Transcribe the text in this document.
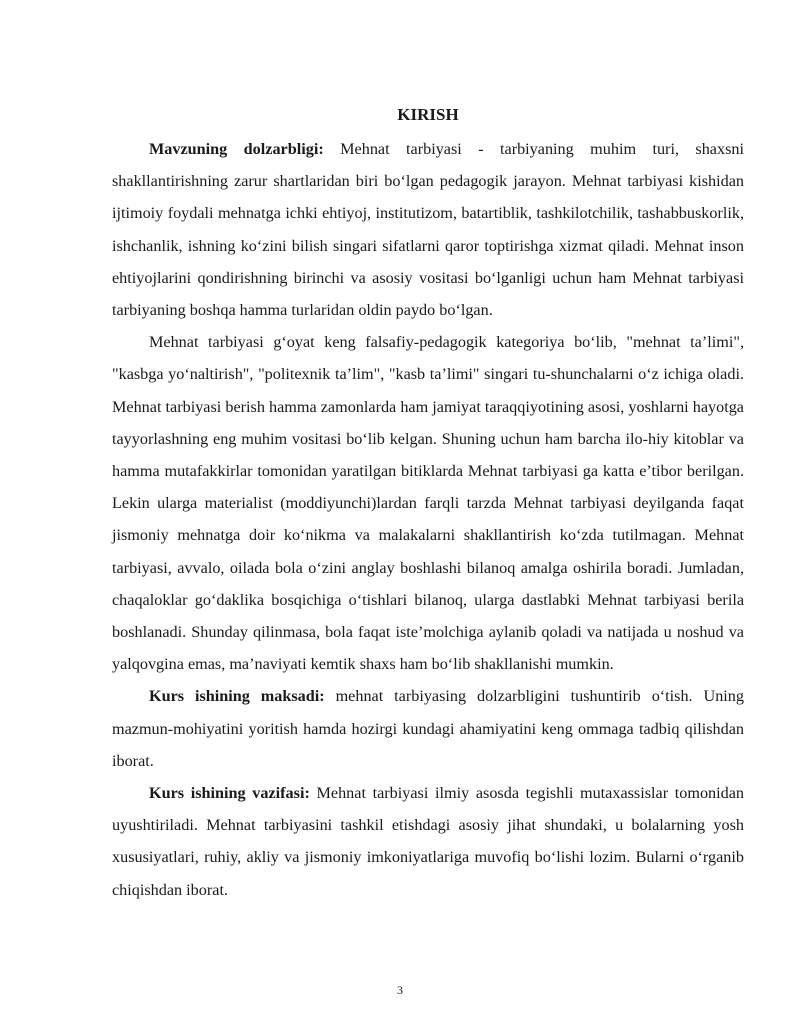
KIRISH

Mavzuning dolzarbligi: Mehnat tarbiyasi - tarbiyaning muhim turi, shaxsni shakllantirishning zarur shartlaridan biri bo‘lgan pedagogik jarayon. Mehnat tarbiyasi kishidan ijtimoiy foydali mehnatga ichki ehtiyoj, institutizom, batartiblik, tashkilotchilik, tashabbuskorlik, ishchanlik, ishning ko‘zini bilish singari sifatlarni qaror toptirishga xizmat qiladi. Mehnat inson ehtiyojlarini qondirishning birinchi va asosiy vositasi bo‘lganligi uchun ham Mehnat tarbiyasi tarbiyaning boshqa hamma turlaridan oldin paydo bo‘lgan.

Mehnat tarbiyasi g‘oyat keng falsafiy-pedagogik kategoriya bo‘lib, "mehnat ta’limi", "kasbga yo‘naltirish", "politexnik ta’lim", "kasb ta’limi" singari tu-shunchalarni o‘z ichiga oladi. Mehnat tarbiyasi berish hamma zamonlarda ham jamiyat taraqqiyotining asosi, yoshlarni hayotga tayyorlashning eng muhim vositasi bo‘lib kelgan. Shuning uchun ham barcha ilo-hiy kitoblar va hamma mutafakkirlar tomonidan yaratilgan bitiklarda Mehnat tarbiyasi ga katta e’tibor berilgan. Lekin ularga materialist (moddiyunchi)lardan farqli tarzda Mehnat tarbiyasi deyilganda faqat jismoniy mehnatga doir ko‘nikma va malakalarni shakllantirish ko‘zda tutilmagan. Mehnat tarbiyasi, avvalo, oilada bola o‘zini anglay boshlashi bilanoq amalga oshirila boradi. Jumladan, chaqaloklar go‘daklika bosqichiga o‘tishlari bilanoq, ularga dastlabki Mehnat tarbiyasi berila boshlanadi. Shunday qilinmasa, bola faqat iste’molchiga aylanib qoladi va natijada u noshud va yalqovgina emas, ma’naviyati kemtik shaxs ham bo‘lib shakllanishi mumkin.

Kurs ishining maksadi: mehnat tarbiyasing dolzarbligini tushuntirib o‘tish. Uning mazmun-mohiyatini yoritish hamda hozirgi kundagi ahamiyatini keng ommaga tadbiq qilishdan iborat.

Kurs ishining vazifasi: Mehnat tarbiyasi ilmiy asosda tegishli mutaxassislar tomonidan uyushtiriladi. Mehnat tarbiyasini tashkil etishdagi asosiy jihat shundaki, u bolalarning yosh xususiyatlari, ruhiy, akliy va jismoniy imkoniyatlariga muvofiq bo‘lishi lozim. Bularni o‘rganib chiqishdan iborat.

3
